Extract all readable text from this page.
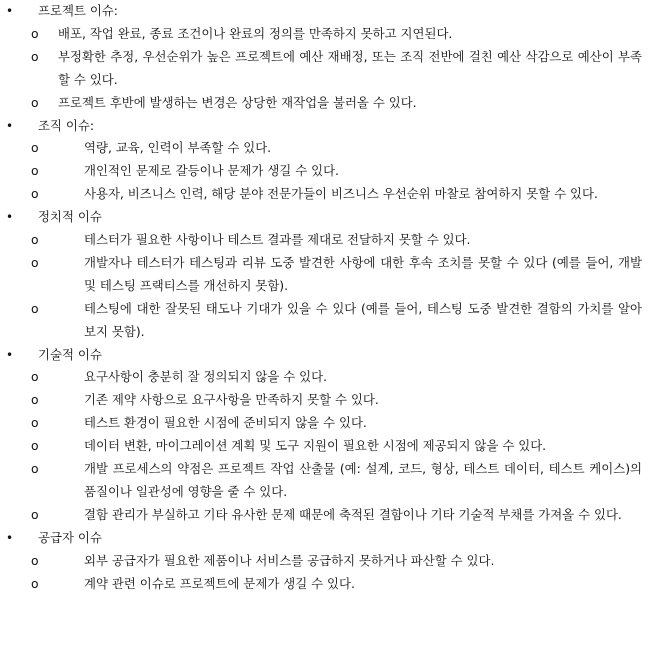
• 프로젝트 이슈:
o 배포, 작업 완료, 종료 조건이나 완료의 정의를 만족하지 못하고 지연된다.
o 부정확한 추정, 우선순위가 높은 프로젝트에 예산 재배정, 또는 조직 전반에 걸친 예산 삭감으로 예산이 부족할 수 있다.
o 프로젝트 후반에 발생하는 변경은 상당한 재작업을 불러올 수 있다.
• 조직 이슈:
o	역량, 교육, 인력이 부족할 수 있다.
o	개인적인 문제로 갈등이나 문제가 생길 수 있다.
o	사용자, 비즈니스 인력, 해당 분야 전문가들이 비즈니스 우선순위 마찰로 참여하지 못할 수 있다.
• 정치적 이슈
o	테스터가 필요한 사항이나 테스트 결과를 제대로 전달하지 못할 수 있다.
o	개발자나 테스터가 테스팅과 리뷰 도중 발견한 사항에 대한 후속 조치를 못할 수 있다 (예를 들어, 개발 및 테스팅 프랙티스를 개선하지 못함).
o	테스팅에 대한 잘못된 태도나 기대가 있을 수 있다 (예를 들어, 테스팅 도중 발견한 결함의 가치를 알아보지 못함).
• 기술적 이슈
o	요구사항이 충분히 잘 정의되지 않을 수 있다.
o	기존 제약 사항으로 요구사항을 만족하지 못할 수 있다.
o	테스트 환경이 필요한 시점에 준비되지 않을 수 있다.
o	데이터 변환, 마이그레이션 계획 및 도구 지원이 필요한 시점에 제공되지 않을 수 있다.
o	개발 프로세스의 약점은 프로젝트 작업 산출물 (예: 설계, 코드, 형상, 테스트 데이터, 테스트 케이스)의 품질이나 일관성에 영향을 줄 수 있다.
o	결함 관리가 부실하고 기타 유사한 문제 때문에 축적된 결함이나 기타 기술적 부채를 가져올 수 있다.
• 공급자 이슈
o	외부 공급자가 필요한 제품이나 서비스를 공급하지 못하거나 파산할 수 있다.
o	계약 관련 이슈로 프로젝트에 문제가 생길 수 있다.
